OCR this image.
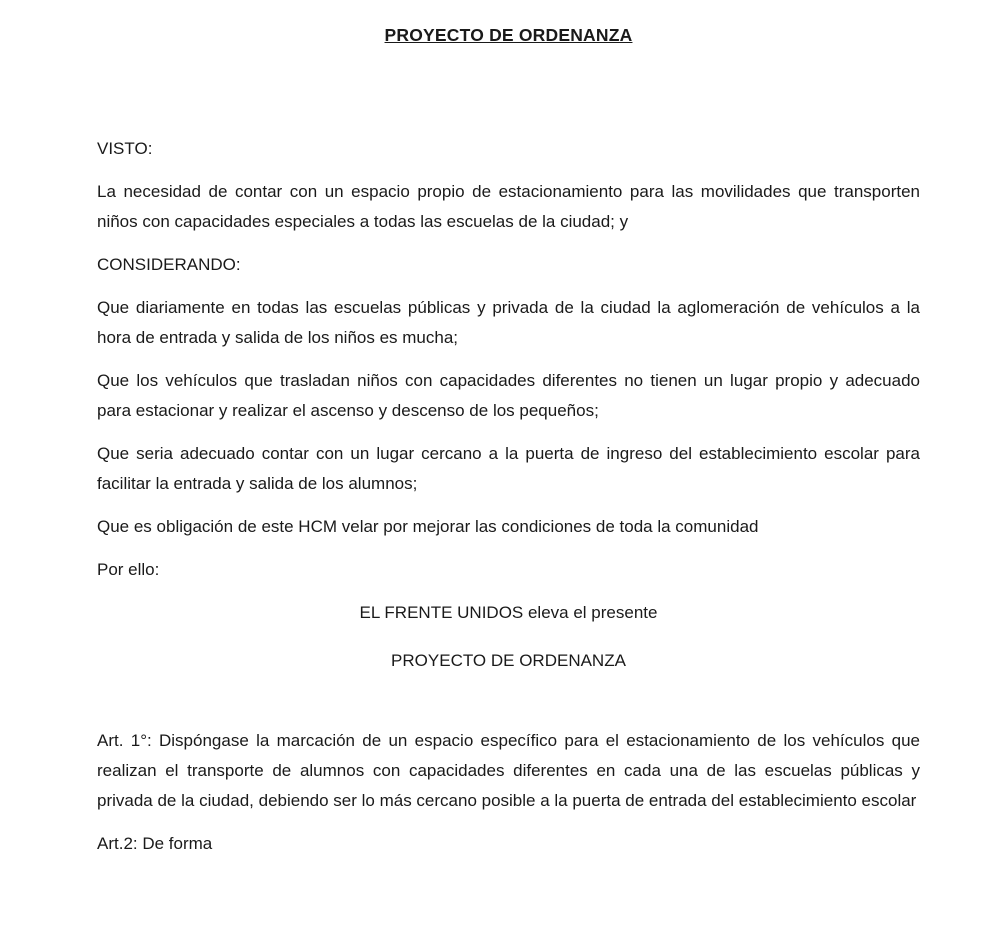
PROYECTO DE ORDENANZA

VISTO:

La necesidad de contar con un espacio propio de estacionamiento para las movilidades que transporten niños con capacidades especiales a todas las escuelas de la ciudad; y

CONSIDERANDO:

Que diariamente en todas las escuelas públicas y privada de la ciudad la aglomeración de vehículos a la hora de entrada y salida de los niños es mucha;

Que los vehículos que trasladan niños con capacidades diferentes no tienen un lugar propio y adecuado para estacionar y realizar el ascenso y descenso de los pequeños;

Que seria adecuado contar con un lugar cercano a la puerta de ingreso del establecimiento escolar para facilitar la entrada y salida de los alumnos;

Que es obligación de este HCM velar por mejorar las condiciones de toda la comunidad

Por ello:

EL FRENTE UNIDOS eleva el presente

PROYECTO DE ORDENANZA

Art. 1°: Dispóngase la marcación de un espacio específico para el estacionamiento de los vehículos que realizan el transporte de alumnos con capacidades diferentes en cada una de las escuelas públicas y privada de la ciudad, debiendo ser lo más cercano posible a la puerta de entrada del establecimiento escolar

Art.2: De forma
